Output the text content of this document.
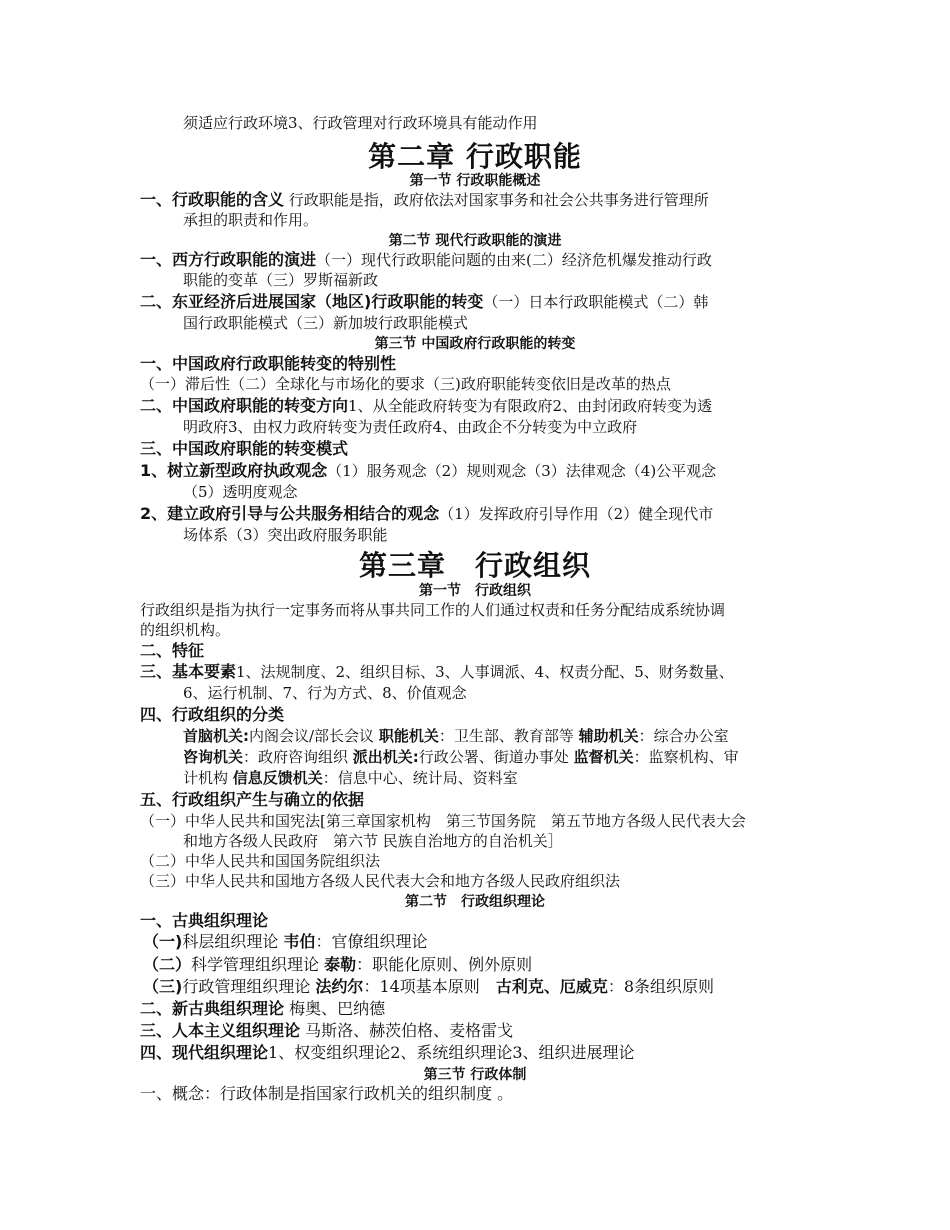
须适应行政环境3、行政管理对行政环境具有能动作用
第二章 行政职能
第一节 行政职能概述
一、行政职能的含义 行政职能是指，政府依法对国家事务和社会公共事务进行管理所
承担的职责和作用。
第二节 现代行政职能的演进
一、西方行政职能的演进（一）现代行政职能问题的由来(二）经济危机爆发推动行政
职能的变革（三）罗斯福新政
二、东亚经济后进展国家（地区)行政职能的转变（一）日本行政职能模式（二）韩
国行政职能模式（三）新加坡行政职能模式
第三节 中国政府行政职能的转变
一、中国政府行政职能转变的特别性
（一）滞后性（二）全球化与市场化的要求（三)政府职能转变依旧是改革的热点
二、中国政府职能的转变方向1、从全能政府转变为有限政府2、由封闭政府转变为透
明政府3、由权力政府转变为责任政府4、由政企不分转变为中立政府
三、中国政府职能的转变模式
1、树立新型政府执政观念（1）服务观念（2）规则观念（3）法律观念（4)公平观念
（5）透明度观念
2、建立政府引导与公共服务相结合的观念（1）发挥政府引导作用（2）健全现代市
场体系（3）突出政府服务职能
第三章　行政组织
第一节　行政组织
行政组织是指为执行一定事务而将从事共同工作的人们通过权责和任务分配结成系统协调
的组织机构。
二、特征
三、基本要素1、法规制度、2、组织目标、3、人事调派、4、权责分配、5、财务数量、
6、运行机制、7、行为方式、8、价值观念
四、行政组织的分类
首脑机关:内阁会议/部长会议 职能机关：卫生部、教育部等 辅助机关：综合办公室
咨询机关：政府咨询组织 派出机关:行政公署、街道办事处 监督机关：监察机构、审
计机构 信息反馈机关：信息中心、统计局、资料室
五、行政组织产生与确立的依据
（一）中华人民共和国宪法[第三章国家机构　第三节国务院　第五节地方各级人民代表大会
和地方各级人民政府　第六节 民族自治地方的自治机关］
（二）中华人民共和国国务院组织法
（三）中华人民共和国地方各级人民代表大会和地方各级人民政府组织法
第二节　行政组织理论
一、古典组织理论
（一)科层组织理论 韦伯：官僚组织理论
（二）科学管理组织理论 泰勒：职能化原则、例外原则
（三)行政管理组织理论 法约尔：14项基本原则　古利克、厄威克：8条组织原则
二、新古典组织理论 梅奥、巴纳德
三、人本主义组织理论 马斯洛、赫茨伯格、麦格雷戈
四、现代组织理论1、权变组织理论2、系统组织理论3、组织进展理论
第三节 行政体制
一、概念：行政体制是指国家行政机关的组织制度 。
